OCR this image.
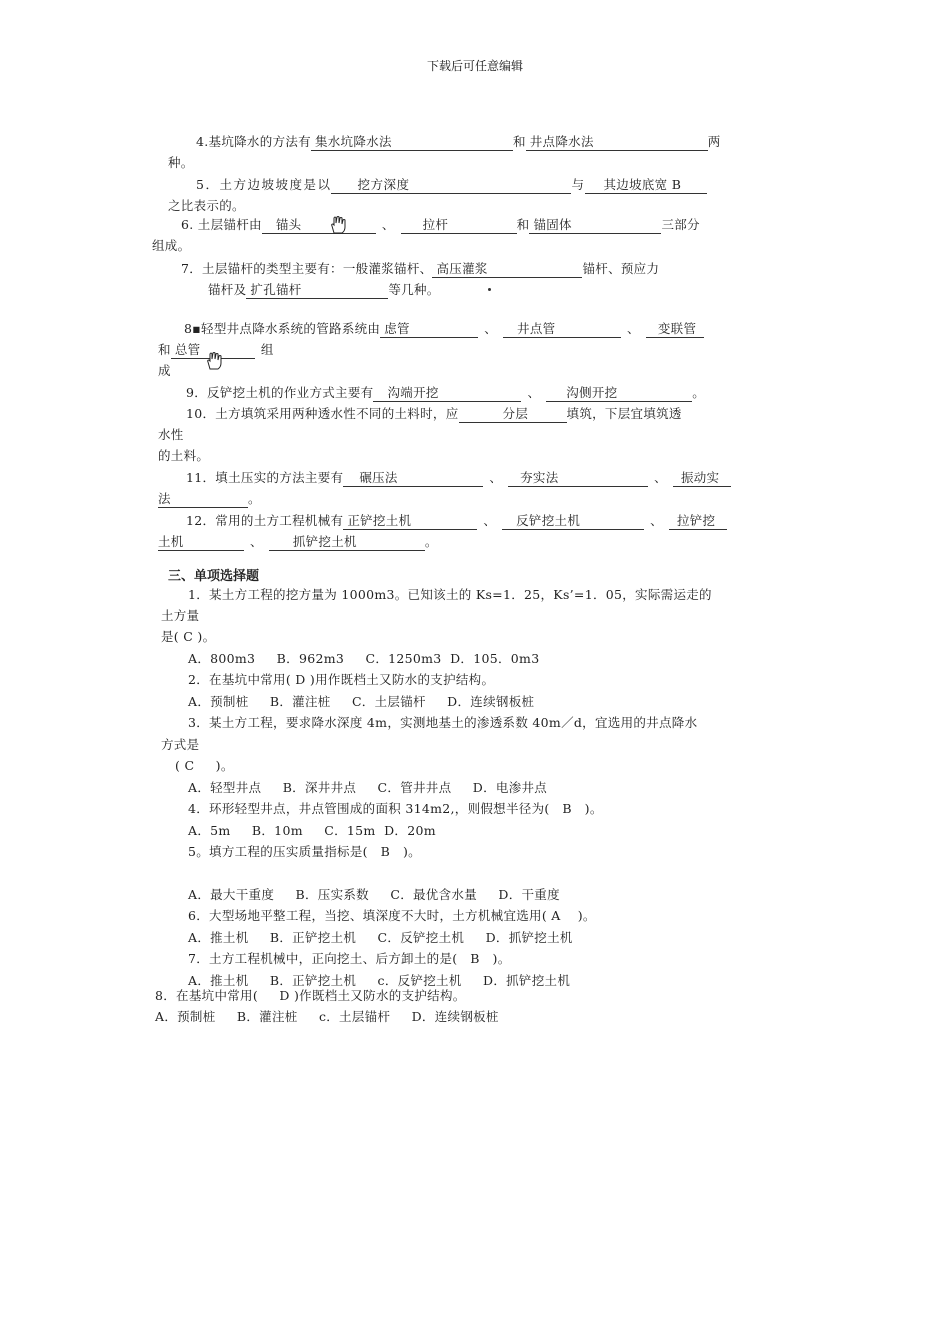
下载后可任意编辑
4.基坑降水的方法有 集水坑降水法	和 井点降水法	两
种。
5．土方边坡坡度是以 挖方深度	与 其边坡底宽 B
之比表示的。
6. 土层锚杆由 锚头	、 拉杆	和 锚固体	三部分
组成。
7．土层锚杆的类型主要有：一般灌浆锚杆、 高压灌浆	锚杆、预应力
锚杆及 扩孔锚杆	等几种。
8▪轻型井点降水系统的管路系统由 虑管	、 井点管	、 变联管
和 总管	组
成
9．反铲挖土机的作业方式主要有 沟端开挖	、 沟侧开挖	。
10．土方填筑采用两种透水性不同的土料时，应	分层	填筑，下层宜填筑透
水性
的土料。
11．填土压实的方法主要有 碾压法	、 夯实法	、 振动实
法	。
12．常用的土方工程机械有 正铲挖土机	、 反铲挖土机	、 拉铲挖
土机	、 抓铲挖土机	。
三、单项选择题
1．某土方工程的挖方量为 1000m3。已知该土的 Ks=1．25，Ks’=1．05，实际需运走的
土方量
是( C )。
A．800m3     B．962m3     C．1250m3  D．105．0m3
2．在基坑中常用( D )用作既档土又防水的支护结构。
A．预制桩     B．灌注桩     C．土层锚杆     D．连续钢板桩
3．某土方工程，要求降水深度 4m，实测地基土的渗透系数 40m／d，宜选用的井点降水
方式是
( C     )。
A．轻型井点     B．深井井点     C．管井井点     D．电渗井点
4．环形轻型井点，井点管围成的面积 314m2,，则假想半径为(   B   )。
A．5m     B．10m     C．15m  D．20m
5。填方工程的压实质量指标是(   B   )。
A．最大干重度     B．压实系数     C．最优含水量     D．干重度
6．大型场地平整工程，当挖、填深度不大时，土方机械宜选用( A    )。
A．推土机     B．正铲挖土机     C．反铲挖土机     D．抓铲挖土机
7．土方工程机械中，正向挖土、后方卸土的是(   B   )。
A．推土机     B．正铲挖土机     c．反铲挖土机     D．抓铲挖土机
8．在基坑中常用(     D )作既档土又防水的支护结构。
A．预制桩     B．灌注桩     c．土层锚杆     D．连续钢板桩
